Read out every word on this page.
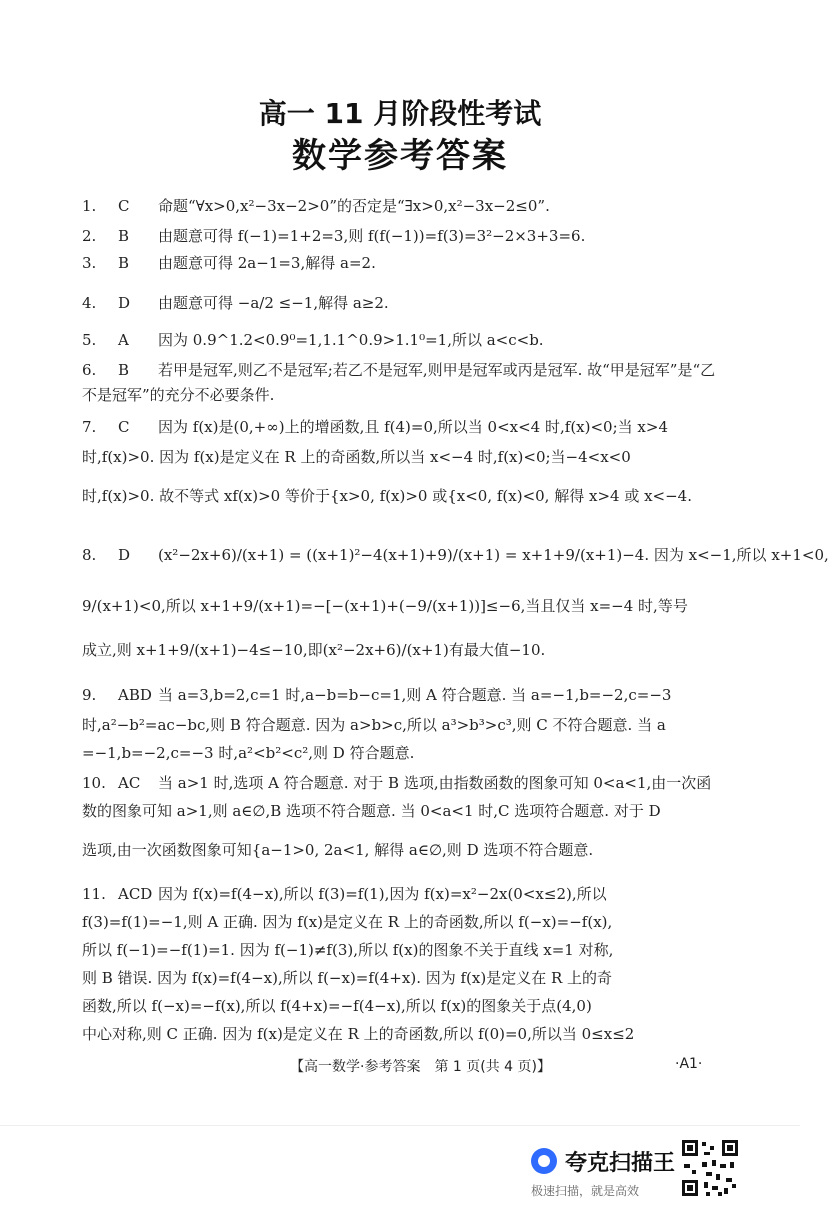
高一 11 月阶段性考试
数学参考答案
1. C 命题“∀x>0,x²−3x−2>0”的否定是“∃x>0,x²−3x−2≤0”.
2. B 由题意可得 f(−1)=1+2=3,则 f(f(−1))=f(3)=3²−2×3+3=6.
3. B 由题意可得 2a−1=3,解得 a=2.
4. D 由题意可得 −a/2 ≤−1,解得 a≥2.
5. A 因为 0.9^1.2<0.9⁰=1,1.1^0.9>1.1⁰=1,所以 a<c<b.
6. B 若甲是冠军,则乙不是冠军;若乙不是冠军,则甲是冠军或丙是冠军. 故“甲是冠军”是“乙
不是冠军”的充分不必要条件.
7. C 因为 f(x)是(0,+∞)上的增函数,且 f(4)=0,所以当 0<x<4 时,f(x)<0;当 x>4
时,f(x)>0. 因为 f(x)是定义在 R 上的奇函数,所以当 x<−4 时,f(x)<0;当−4<x<0
时,f(x)>0. 故不等式 xf(x)>0 等价于{x>0, f(x)>0 或{x<0, f(x)<0, 解得 x>4 或 x<−4.
8. D (x²−2x+6)/(x+1) = ((x+1)²−4(x+1)+9)/(x+1) = x+1+9/(x+1)−4. 因为 x<−1,所以 x+1<0,
9/(x+1)<0,所以 x+1+9/(x+1)=−[−(x+1)+(−9/(x+1))]≤−6,当且仅当 x=−4 时,等号
成立,则 x+1+9/(x+1)−4≤−10,即(x²−2x+6)/(x+1)有最大值−10.
9. ABD 当 a=3,b=2,c=1 时,a−b=b−c=1,则 A 符合题意. 当 a=−1,b=−2,c=−3
时,a²−b²=ac−bc,则 B 符合题意. 因为 a>b>c,所以 a³>b³>c³,则 C 不符合题意. 当 a
=−1,b=−2,c=−3 时,a²<b²<c²,则 D 符合题意.
10. AC 当 a>1 时,选项 A 符合题意. 对于 B 选项,由指数函数的图象可知 0<a<1,由一次函
数的图象可知 a>1,则 a∈∅,B 选项不符合题意. 当 0<a<1 时,C 选项符合题意. 对于 D
选项,由一次函数图象可知{a−1>0, 2a<1, 解得 a∈∅,则 D 选项不符合题意.
11. ACD 因为 f(x)=f(4−x),所以 f(3)=f(1),因为 f(x)=x²−2x(0<x≤2),所以
f(3)=f(1)=−1,则 A 正确. 因为 f(x)是定义在 R 上的奇函数,所以 f(−x)=−f(x),
所以 f(−1)=−f(1)=1. 因为 f(−1)≠f(3),所以 f(x)的图象不关于直线 x=1 对称,
则 B 错误. 因为 f(x)=f(4−x),所以 f(−x)=f(4+x). 因为 f(x)是定义在 R 上的奇
函数,所以 f(−x)=−f(x),所以 f(4+x)=−f(4−x),所以 f(x)的图象关于点(4,0)
中心对称,则 C 正确. 因为 f(x)是定义在 R 上的奇函数,所以 f(0)=0,所以当 0≤x≤2
【高一数学·参考答案　第 1 页(共 4 页)】	·A1·
夸克扫描王
极速扫描，就是高效
